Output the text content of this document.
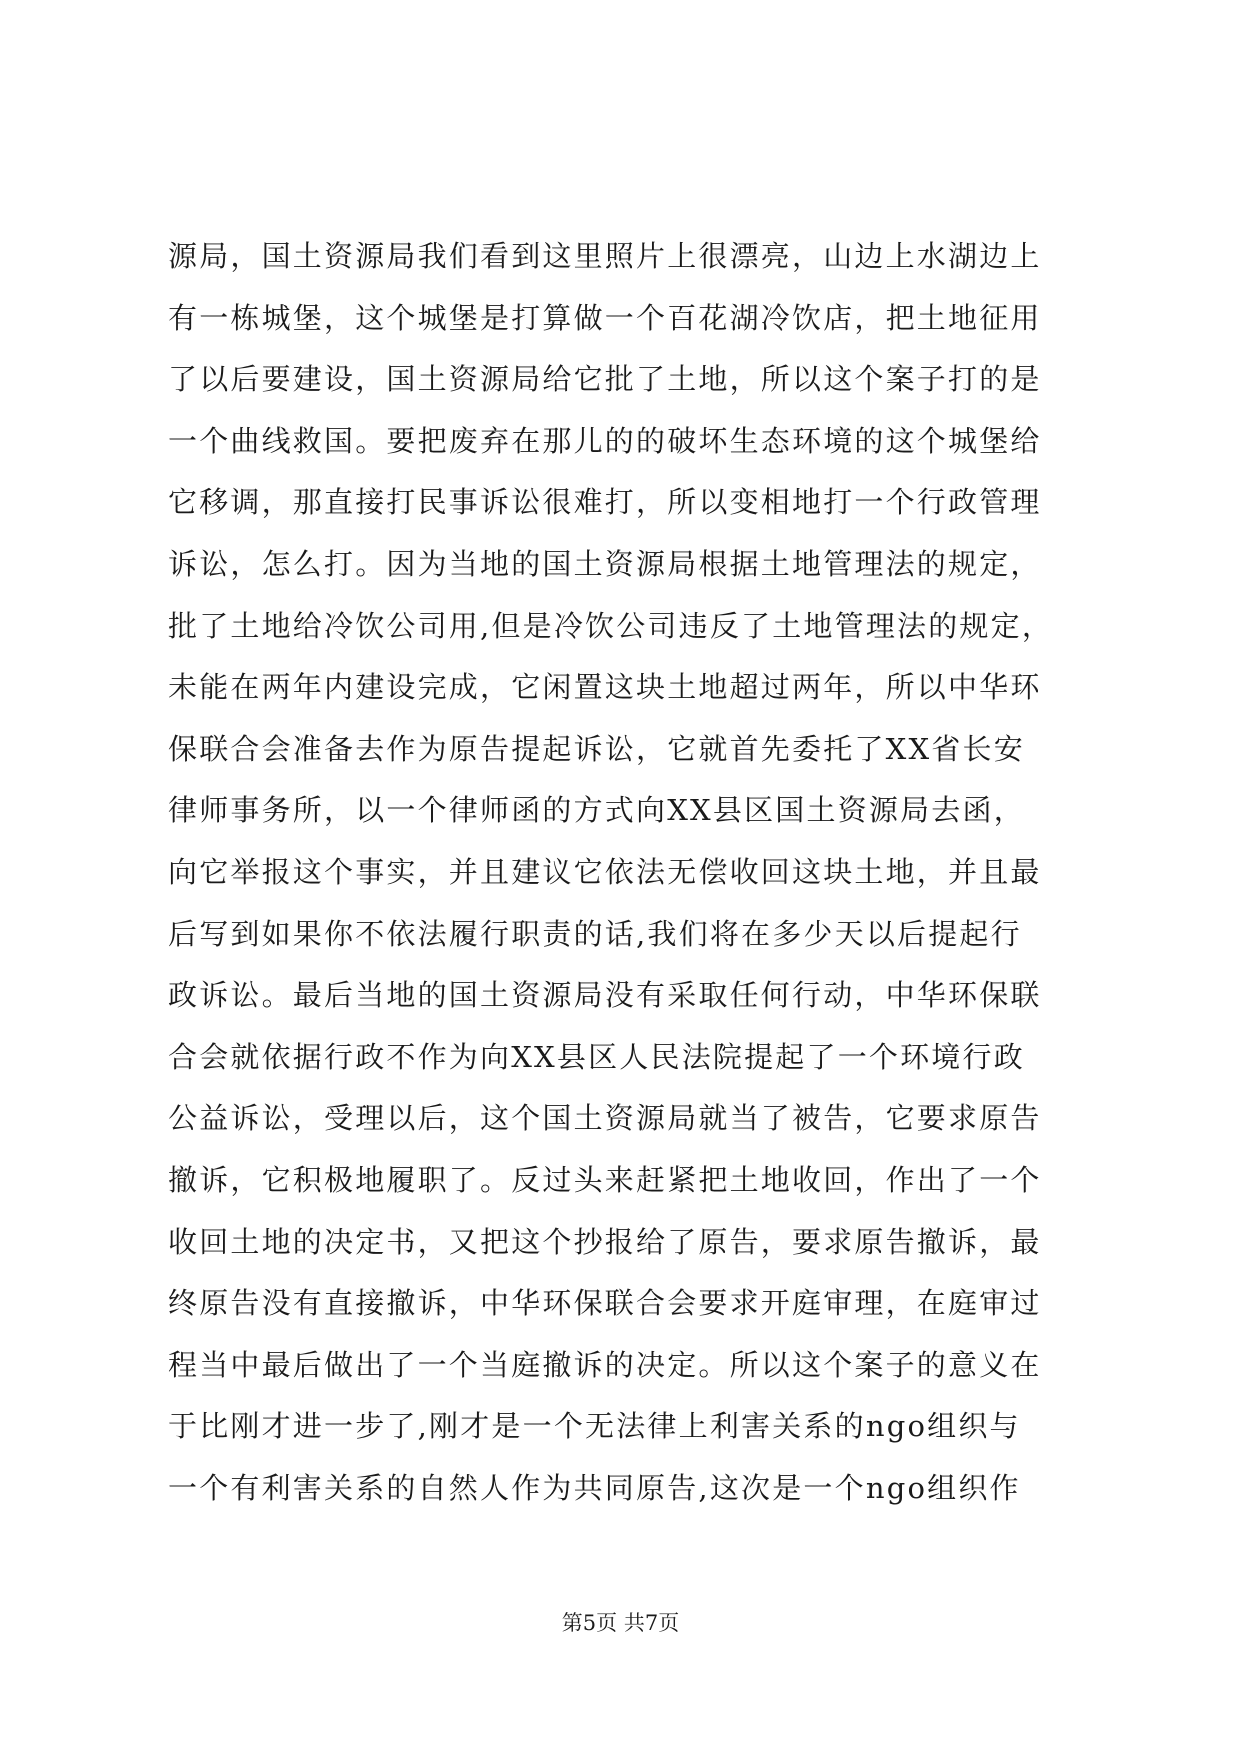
源局，国土资源局我们看到这里照片上很漂亮，山边上水湖边上
有一栋城堡，这个城堡是打算做一个百花湖冷饮店，把土地征用
了以后要建设，国土资源局给它批了土地，所以这个案子打的是
一个曲线救国。要把废弃在那儿的的破坏生态环境的这个城堡给
它移调，那直接打民事诉讼很难打，所以变相地打一个行政管理
诉讼，怎么打。因为当地的国土资源局根据土地管理法的规定，
批了土地给冷饮公司用,但是冷饮公司违反了土地管理法的规定，
未能在两年内建设完成，它闲置这块土地超过两年，所以中华环
保联合会准备去作为原告提起诉讼，它就首先委托了XX省长安
律师事务所，以一个律师函的方式向XX县区国土资源局去函，
向它举报这个事实，并且建议它依法无偿收回这块土地，并且最
后写到如果你不依法履行职责的话,我们将在多少天以后提起行
政诉讼。最后当地的国土资源局没有采取任何行动，中华环保联
合会就依据行政不作为向XX县区人民法院提起了一个环境行政
公益诉讼，受理以后，这个国土资源局就当了被告，它要求原告
撤诉，它积极地履职了。反过头来赶紧把土地收回，作出了一个
收回土地的决定书，又把这个抄报给了原告，要求原告撤诉，最
终原告没有直接撤诉，中华环保联合会要求开庭审理，在庭审过
程当中最后做出了一个当庭撤诉的决定。所以这个案子的意义在
于比刚才进一步了,刚才是一个无法律上利害关系的ngo组织与
一个有利害关系的自然人作为共同原告,这次是一个ngo组织作
第5页 共7页
